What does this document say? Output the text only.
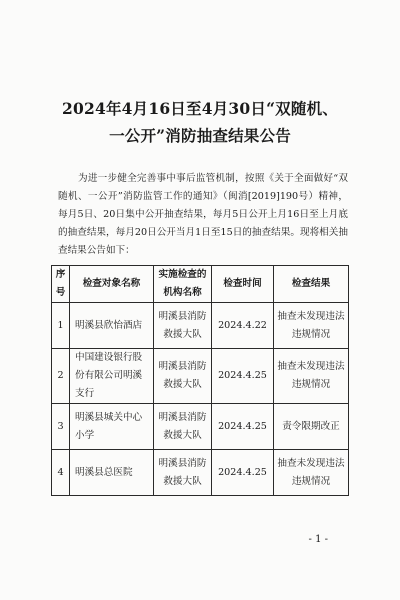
2024年4月16日至4月30日“双随机、
一公开”消防抽查结果公告
为进一步健全完善事中事后监管机制，按照《关于全面做好“双随机、一公开”消防监管工作的通知》（闽消[2019]190号）精神，每月5日、20日集中公开抽查结果，每月5日公开上月16日至上月底的抽查结果，每月20日公开当月1日至15日的抽查结果。现将相关抽查结果公告如下：
序号	检查对象名称	实施检查的机构名称	检查时间	检查结果
1	明溪县欣怡酒店	明溪县消防救援大队	2024.4.22	抽查未发现违法违规情况
2	中国建设银行股份有限公司明溪支行	明溪县消防救援大队	2024.4.25	抽查未发现违法违规情况
3	明溪县城关中心小学	明溪县消防救援大队	2024.4.25	责令限期改正
4	明溪县总医院	明溪县消防救援大队	2024.4.25	抽查未发现违法违规情况
- 1 -
